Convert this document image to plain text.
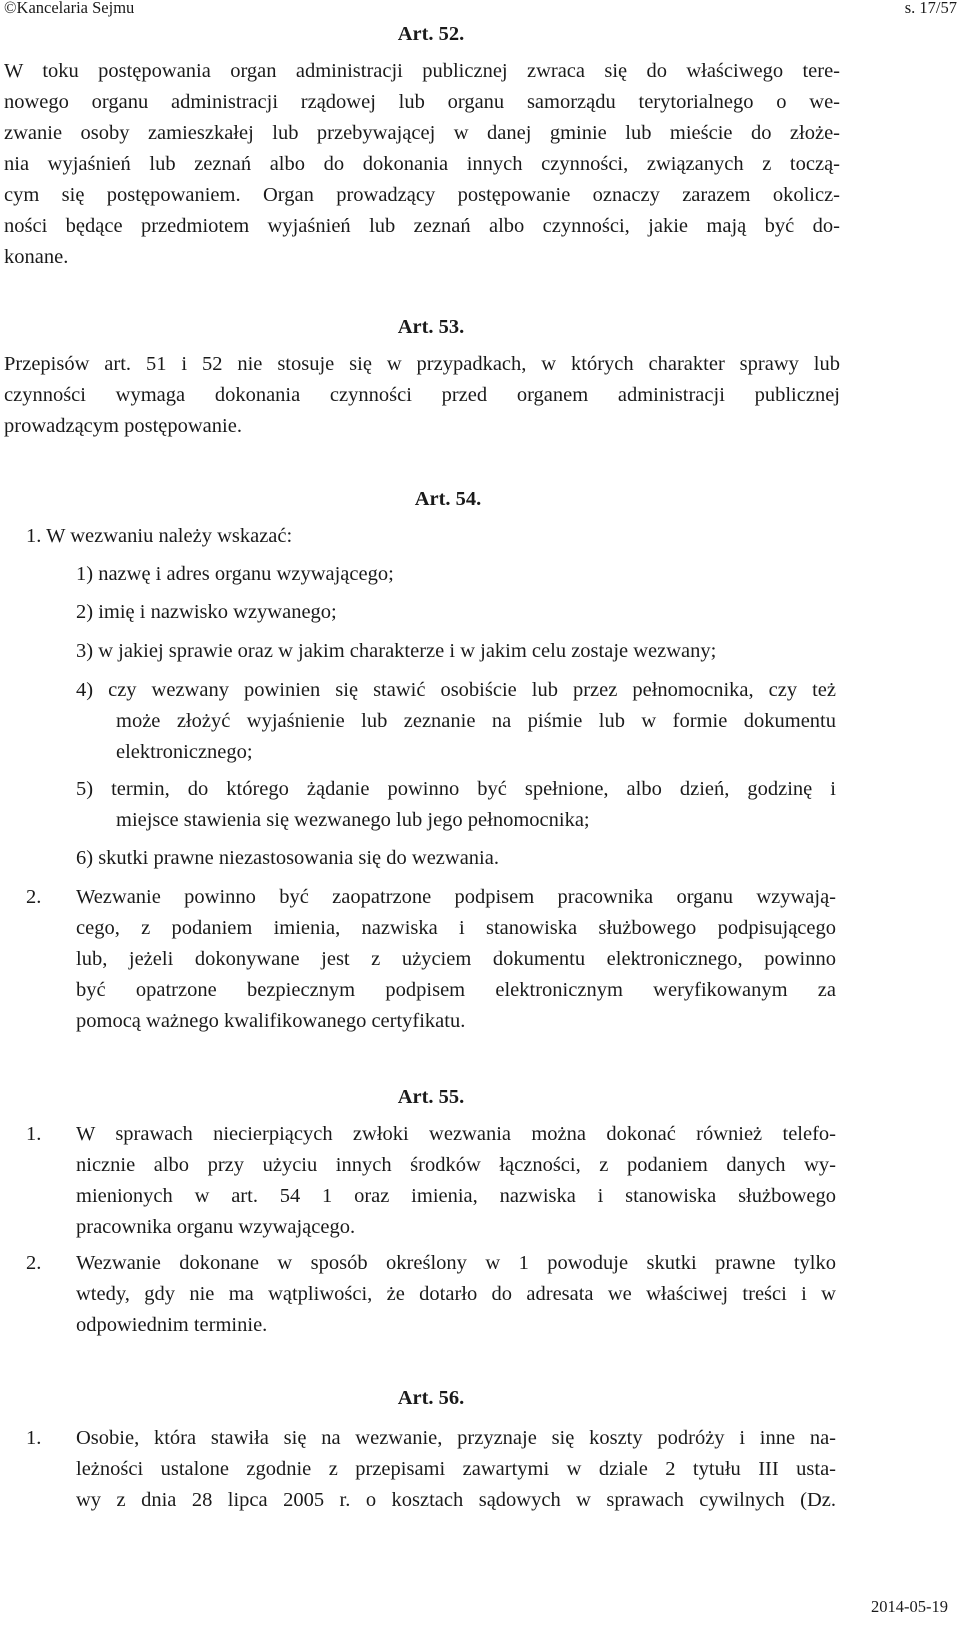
©Kancelaria Sejmu	s. 17/57
Art. 52.
W toku postępowania organ administracji publicznej zwraca się do właściwego tere-
nowego organu administracji rządowej lub organu samorządu terytorialnego o we-
zwanie osoby zamieszkałej lub przebywającej w danej gminie lub mieście do złoże-
nia wyjaśnień lub zeznań albo do dokonania innych czynności, związanych z toczą-
cym się postępowaniem. Organ prowadzący postępowanie oznaczy zarazem okolicz-
ności będące przedmiotem wyjaśnień lub zeznań albo czynności, jakie mają być do-
konane.
Art. 53.
Przepisów art. 51 i 52 nie stosuje się w przypadkach, w których charakter sprawy lub
czynności wymaga dokonania czynności przed organem administracji publicznej
prowadzącym postępowanie.
Art. 54.
1. W wezwaniu należy wskazać:
1) nazwę i adres organu wzywającego;
2) imię i nazwisko wzywanego;
3) w jakiej sprawie oraz w jakim charakterze i w jakim celu zostaje wezwany;
4) czy wezwany powinien się stawić osobiście lub przez pełnomocnika, czy też
może złożyć wyjaśnienie lub zeznanie na piśmie lub w formie dokumentu
elektronicznego;
5) termin, do którego żądanie powinno być spełnione, albo dzień, godzinę i
miejsce stawienia się wezwanego lub jego pełnomocnika;
6) skutki prawne niezastosowania się do wezwania.
2.	Wezwanie powinno być zaopatrzone podpisem pracownika organu wzywają-
cego, z podaniem imienia, nazwiska i stanowiska służbowego podpisującego
lub, jeżeli dokonywane jest z użyciem dokumentu elektronicznego, powinno
być opatrzone bezpiecznym podpisem elektronicznym weryfikowanym za
pomocą ważnego kwalifikowanego certyfikatu.
Art. 55.
1.	W sprawach niecierpiących zwłoki wezwania można dokonać również telefo-
nicznie albo przy użyciu innych środków łączności, z podaniem danych wy-
mienionych w art. 54 1 oraz imienia, nazwiska i stanowiska służbowego
pracownika organu wzywającego.
2.	Wezwanie dokonane w sposób określony w 1 powoduje skutki prawne tylko
wtedy, gdy nie ma wątpliwości, że dotarło do adresata we właściwej treści i w
odpowiednim terminie.
Art. 56.
1.	Osobie, która stawiła się na wezwanie, przyznaje się koszty podróży i inne na-
leżności ustalone zgodnie z przepisami zawartymi w dziale 2 tytułu III usta-
wy z dnia 28 lipca 2005 r. o kosztach sądowych w sprawach cywilnych (Dz.
2014-05-19
